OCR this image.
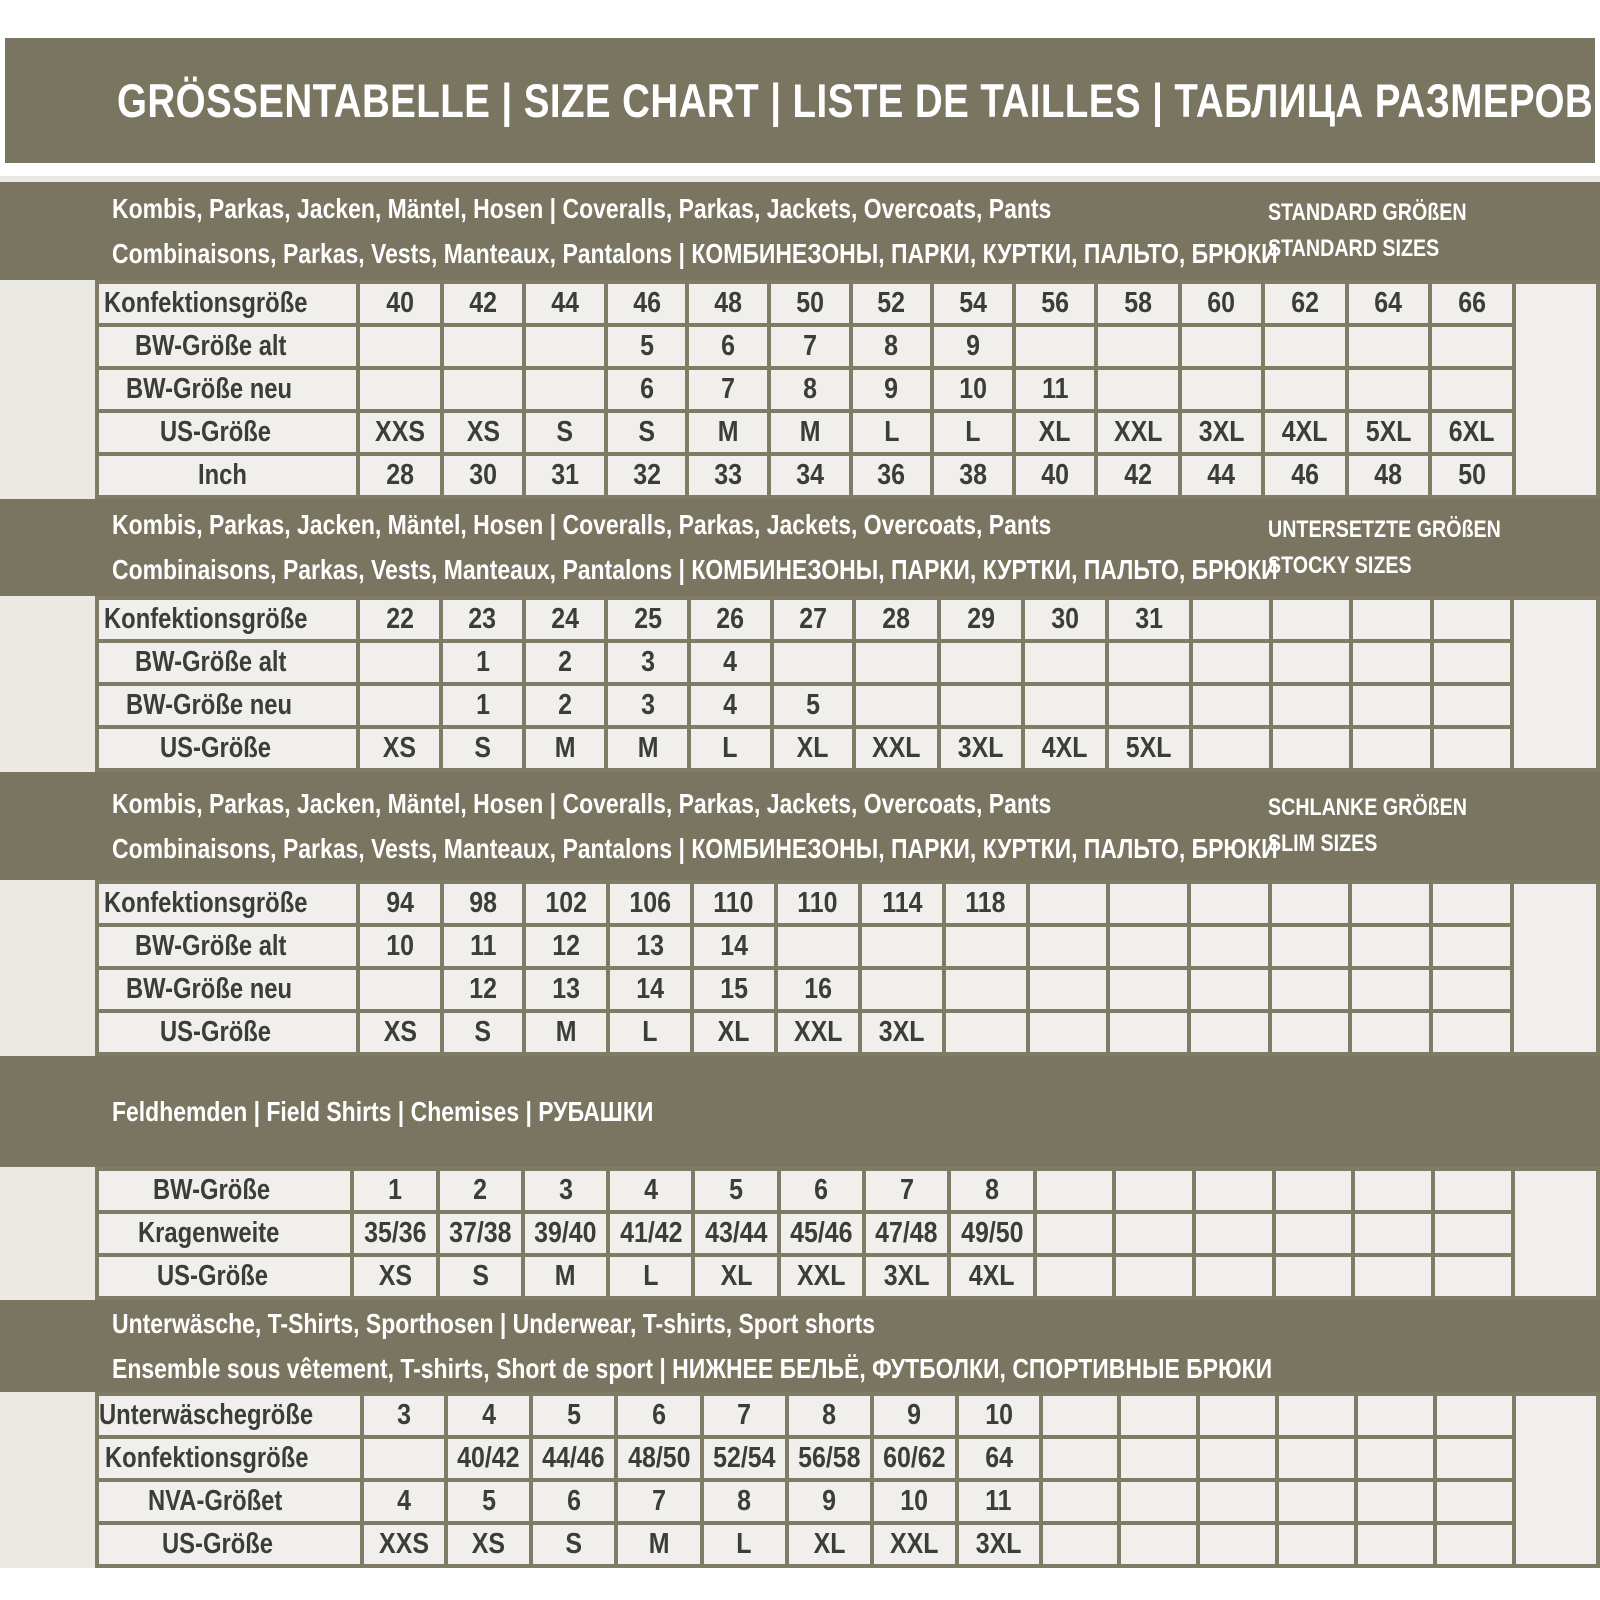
GRÖSSENTABELLE | SIZE CHART | LISTE DE TAILLES | ТАБЛИЦА РАЗМЕРОВ
Kombis, Parkas, Jacken, Mäntel, Hosen | Coveralls, Parkas, Jackets, Overcoats, Pants
Combinaisons, Parkas, Vests, Manteaux, Pantalons | КОМБИНЕЗОНЫ, ПАРКИ, КУРТКИ, ПАЛЬТО, БРЮКИ
STANDARD GRÖßEN
STANDARD SIZES
Konfektionsgröße	40	42	44	46	48	50	52	54	56	58	60	62	64	66	
BW-Größe alt				5	6	7	8	9							
BW-Größe neu				6	7	8	9	10	11						
US-Größe	XXS	XS	S	S	M	M	L	L	XL	XXL	3XL	4XL	5XL	6XL	
Inch	28	30	31	32	33	34	36	38	40	42	44	46	48	50	
Kombis, Parkas, Jacken, Mäntel, Hosen | Coveralls, Parkas, Jackets, Overcoats, Pants
Combinaisons, Parkas, Vests, Manteaux, Pantalons | КОМБИНЕЗОНЫ, ПАРКИ, КУРТКИ, ПАЛЬТО, БРЮКИ
UNTERSETZTE GRÖßEN
STOCKY SIZES
Konfektionsgröße	22	23	24	25	26	27	28	29	30	31					
BW-Größe alt		1	2	3	4										
BW-Größe neu		1	2	3	4	5									
US-Größe	XS	S	M	M	L	XL	XXL	3XL	4XL	5XL					
Kombis, Parkas, Jacken, Mäntel, Hosen | Coveralls, Parkas, Jackets, Overcoats, Pants
Combinaisons, Parkas, Vests, Manteaux, Pantalons | КОМБИНЕЗОНЫ, ПАРКИ, КУРТКИ, ПАЛЬТО, БРЮКИ
SCHLANKE GRÖßEN
SLIM SIZES
Konfektionsgröße	94	98	102	106	110	110	114	118							
BW-Größe alt	10	11	12	13	14										
BW-Größe neu		12	13	14	15	16									
US-Größe	XS	S	M	L	XL	XXL	3XL								
Feldhemden | Field Shirts | Chemises | РУБАШКИ
BW-Größe	1	2	3	4	5	6	7	8							
Kragenweite	35/36	37/38	39/40	41/42	43/44	45/46	47/48	49/50							
US-Größe	XS	S	M	L	XL	XXL	3XL	4XL							
Unterwäsche, T-Shirts, Sporthosen | Underwear, T-shirts, Sport shorts
Ensemble sous vêtement, T-shirts, Short de sport | НИЖНЕЕ БЕЛЬЁ, ФУТБОЛКИ, СПОРТИВНЫЕ БРЮКИ
Unterwäschegröße	3	4	5	6	7	8	9	10							
Konfektionsgröße		40/42	44/46	48/50	52/54	56/58	60/62	64							
NVA-Größet	4	5	6	7	8	9	10	11							
US-Größe	XXS	XS	S	M	L	XL	XXL	3XL							
